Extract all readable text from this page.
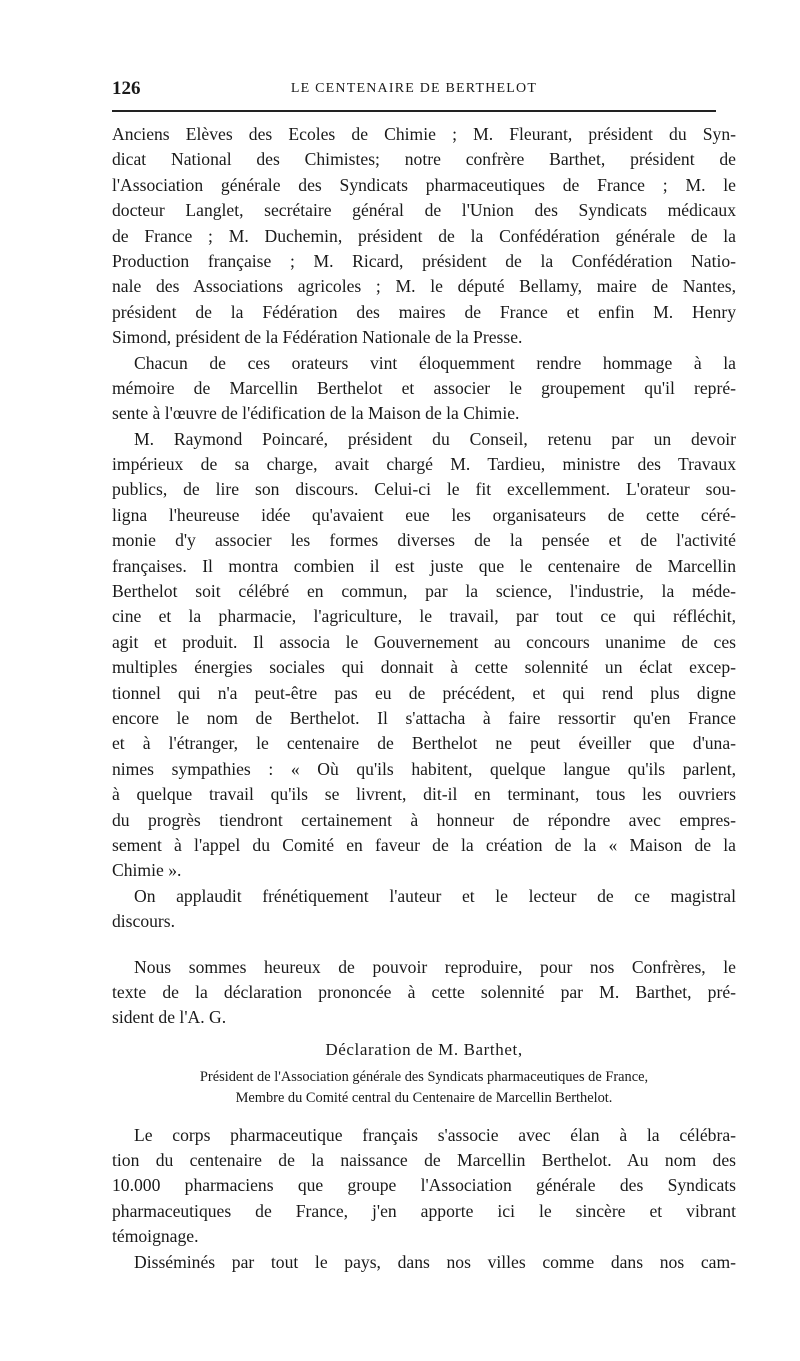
126	LE CENTENAIRE DE BERTHELOT
Anciens Elèves des Ecoles de Chimie ; M. Fleurant, président du Syn-
dicat National des Chimistes; notre confrère Barthet, président de
l'Association générale des Syndicats pharmaceutiques de France ; M. le
docteur Langlet, secrétaire général de l'Union des Syndicats médicaux
de France ; M. Duchemin, président de la Confédération générale de la
Production française ; M. Ricard, président de la Confédération Natio-
nale des Associations agricoles ; M. le député Bellamy, maire de Nantes,
président de la Fédération des maires de France et enfin M. Henry
Simond, président de la Fédération Nationale de la Presse.
Chacun de ces orateurs vint éloquemment rendre hommage à la
mémoire de Marcellin Berthelot et associer le groupement qu'il repré-
sente à l'œuvre de l'édification de la Maison de la Chimie.
M. Raymond Poincaré, président du Conseil, retenu par un devoir
impérieux de sa charge, avait chargé M. Tardieu, ministre des Travaux
publics, de lire son discours. Celui-ci le fit excellemment. L'orateur sou-
ligna l'heureuse idée qu'avaient eue les organisateurs de cette céré-
monie d'y associer les formes diverses de la pensée et de l'activité
françaises. Il montra combien il est juste que le centenaire de Marcellin
Berthelot soit célébré en commun, par la science, l'industrie, la méde-
cine et la pharmacie, l'agriculture, le travail, par tout ce qui réfléchit,
agit et produit. Il associa le Gouvernement au concours unanime de ces
multiples énergies sociales qui donnait à cette solennité un éclat excep-
tionnel qui n'a peut-être pas eu de précédent, et qui rend plus digne
encore le nom de Berthelot. Il s'attacha à faire ressortir qu'en France
et à l'étranger, le centenaire de Berthelot ne peut éveiller que d'una-
nimes sympathies : « Où qu'ils habitent, quelque langue qu'ils parlent,
à quelque travail qu'ils se livrent, dit-il en terminant, tous les ouvriers
du progrès tiendront certainement à honneur de répondre avec empres-
sement à l'appel du Comité en faveur de la création de la « Maison de la
Chimie ».
On applaudit frénétiquement l'auteur et le lecteur de ce magistral
discours.
Nous sommes heureux de pouvoir reproduire, pour nos Confrères, le
texte de la déclaration prononcée à cette solennité par M. Barthet, pré-
sident de l'A. G.
Déclaration de M. Barthet,
Président de l'Association générale des Syndicats pharmaceutiques de France,
Membre du Comité central du Centenaire de Marcellin Berthelot.
Le corps pharmaceutique français s'associe avec élan à la célébra-
tion du centenaire de la naissance de Marcellin Berthelot. Au nom des
10.000 pharmaciens que groupe l'Association générale des Syndicats
pharmaceutiques de France, j'en apporte ici le sincère et vibrant
témoignage.
Disséminés par tout le pays, dans nos villes comme dans nos cam-
